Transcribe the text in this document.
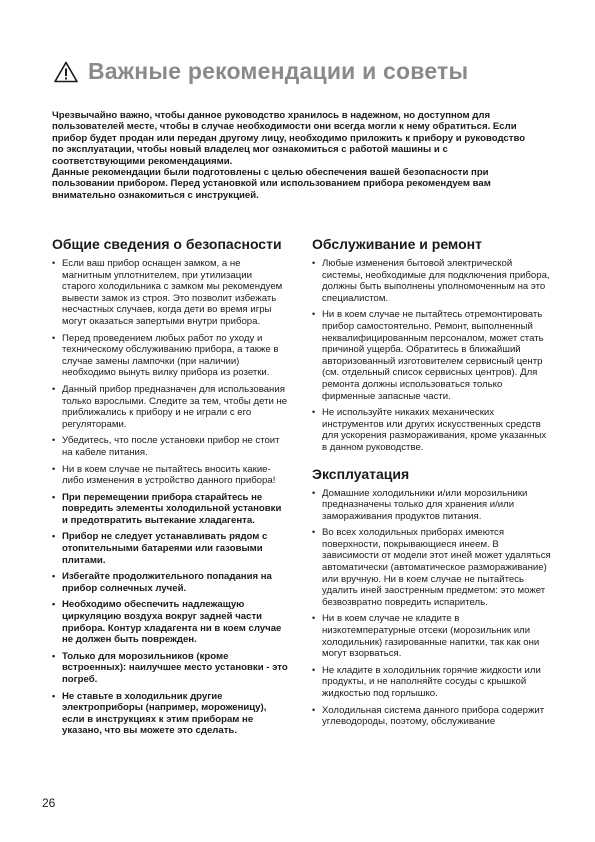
Важные рекомендации и советы

Чрезвычайно важно, чтобы данное руководство хранилось в надежном, но доступном для пользователей месте, чтобы в случае необходимости они всегда могли к нему обратиться. Если прибор будет продан или передан другому лицу, необходимо приложить к прибору и руководство по эксплуатации, чтобы новый владелец мог ознакомиться с работой машины и с соответствующими рекомендациями.

Данные рекомендации были подготовлены с целью обеспечения вашей безопасности при пользовании прибором. Перед установкой или использованием прибора рекомендуем вам внимательно ознакомиться с инструкцией.

Общие сведения о безопасности
• Если ваш прибор оснащен замком, а не магнитным уплотнителем, при утилизации старого холодильника с замком мы рекомендуем вывести замок из строя. Это позволит избежать несчастных случаев, когда дети во время игры могут оказаться запертыми внутри прибора.
• Перед проведением любых работ по уходу и техническому обслуживанию прибора, а также в случае замены лампочки (при наличии) необходимо вынуть вилку прибора из розетки.
• Данный прибор предназначен для использования только взрослыми. Следите за тем, чтобы дети не приближались к прибору и не играли с его регуляторами.
• Убедитесь, что после установки прибор не стоит на кабеле питания.
• Ни в коем случае не пытайтесь вносить какие-либо изменения в устройство данного прибора!
• При перемещении прибора старайтесь не повредить элементы холодильной установки и предотвратить вытекание хладагента.
• Прибор не следует устанавливать рядом с отопительными батареями или газовыми плитами.
• Избегайте продолжительного попадания на прибор солнечных лучей.
• Необходимо обеспечить надлежащую циркуляцию воздуха вокруг задней части прибора. Контур хладагента ни в коем случае не должен быть поврежден.
• Только для морозильников (кроме встроенных): наилучшее место установки - это погреб.
• Не ставьте в холодильник другие электроприборы (например, мороженицу), если в инструкциях к этим приборам не указано, что вы можете это сделать.
Обслуживание и ремонт
• Любые изменения бытовой электрической системы, необходимые для подключения прибора, должны быть выполнены уполномоченным на это специалистом.
• Ни в коем случае не пытайтесь отремонтировать прибор самостоятельно. Ремонт, выполненный неквалифицированным персоналом, может стать причиной ущерба. Обратитесь в ближайший авторизованный изготовителем сервисный центр (см. отдельный список сервисных центров). Для ремонта должны использоваться только фирменные запасные части.
• Не используйте никаких механических инструментов или других искусственных средств для ускорения размораживания, кроме указанных в данном руководстве.
Эксплуатация
• Домашние холодильники и/или морозильники предназначены только для хранения и/или замораживания продуктов питания.
• Во всех холодильных приборах имеются поверхности, покрывающиеся инеем. В зависимости от модели этот иней может удаляться автоматически (автоматическое размораживание) или вручную. Ни в коем случае не пытайтесь удалить иней заостренным предметом: это может безвозвратно повредить испаритель.
• Ни в коем случае не кладите в низкотемпературные отсеки (морозильник или холодильник) газированные напитки, так как они могут взорваться.
• Не кладите в холодильник горячие жидкости или продукты, и не наполняйте сосуды с крышкой жидкостью под горлышко.
• Холодильная система данного прибора содержит углеводороды, поэтому, обслуживание
26
